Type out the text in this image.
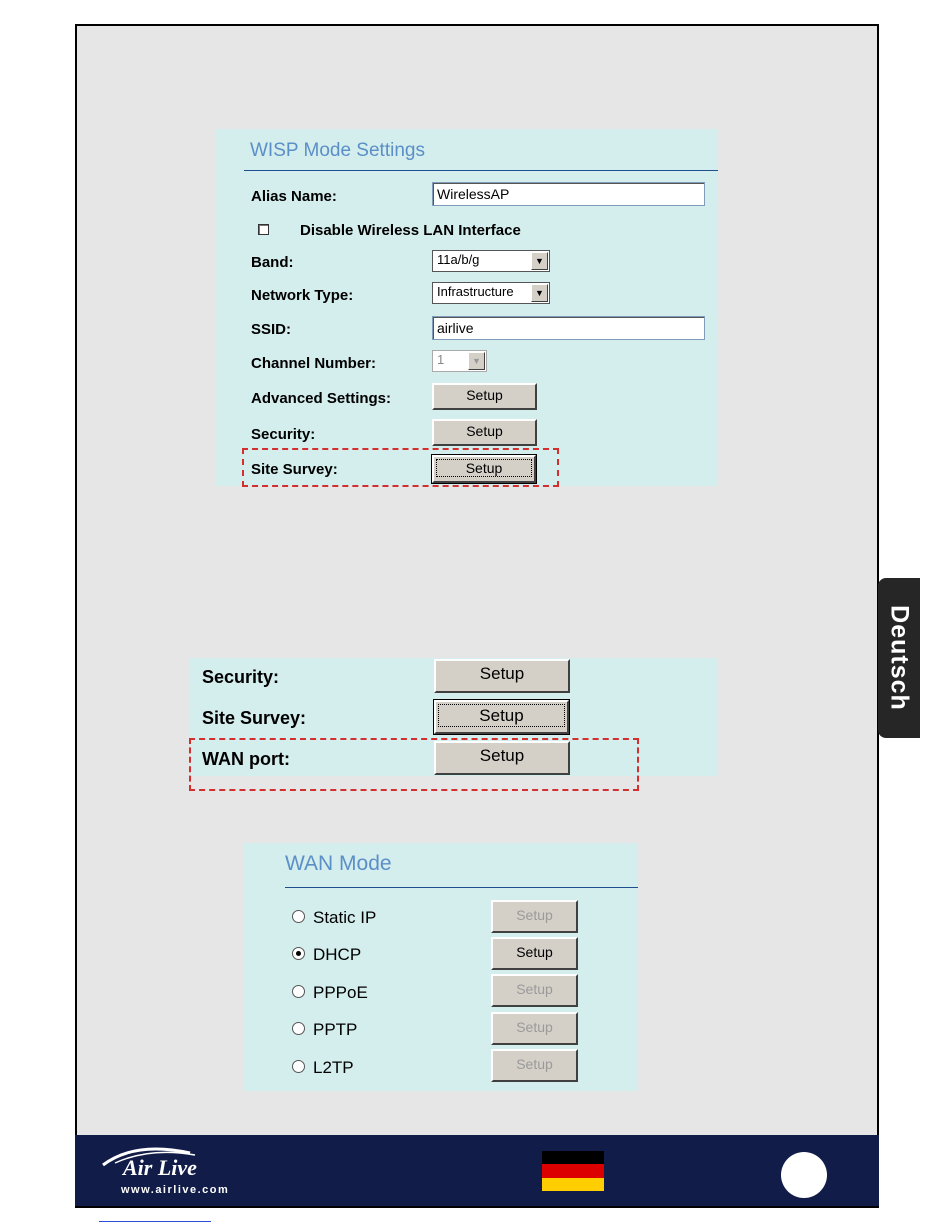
WISP Mode Settings
Alias Name:	WirelessAP
Disable Wireless LAN Interface
Band:	11a/b/g	▼
Network Type:	Infrastructure	▼
SSID:	airlive
Channel Number:	1	▼
Advanced Settings:	Setup
Security:	Setup
Site Survey:	Setup
Security:	Setup
Site Survey:	Setup
WAN port:	Setup
WAN Mode
Static IP	Setup
DHCP	Setup
PPPoE	Setup
PPTP	Setup
L2TP	Setup
Deutsch
Air Live
www.airlive.com
